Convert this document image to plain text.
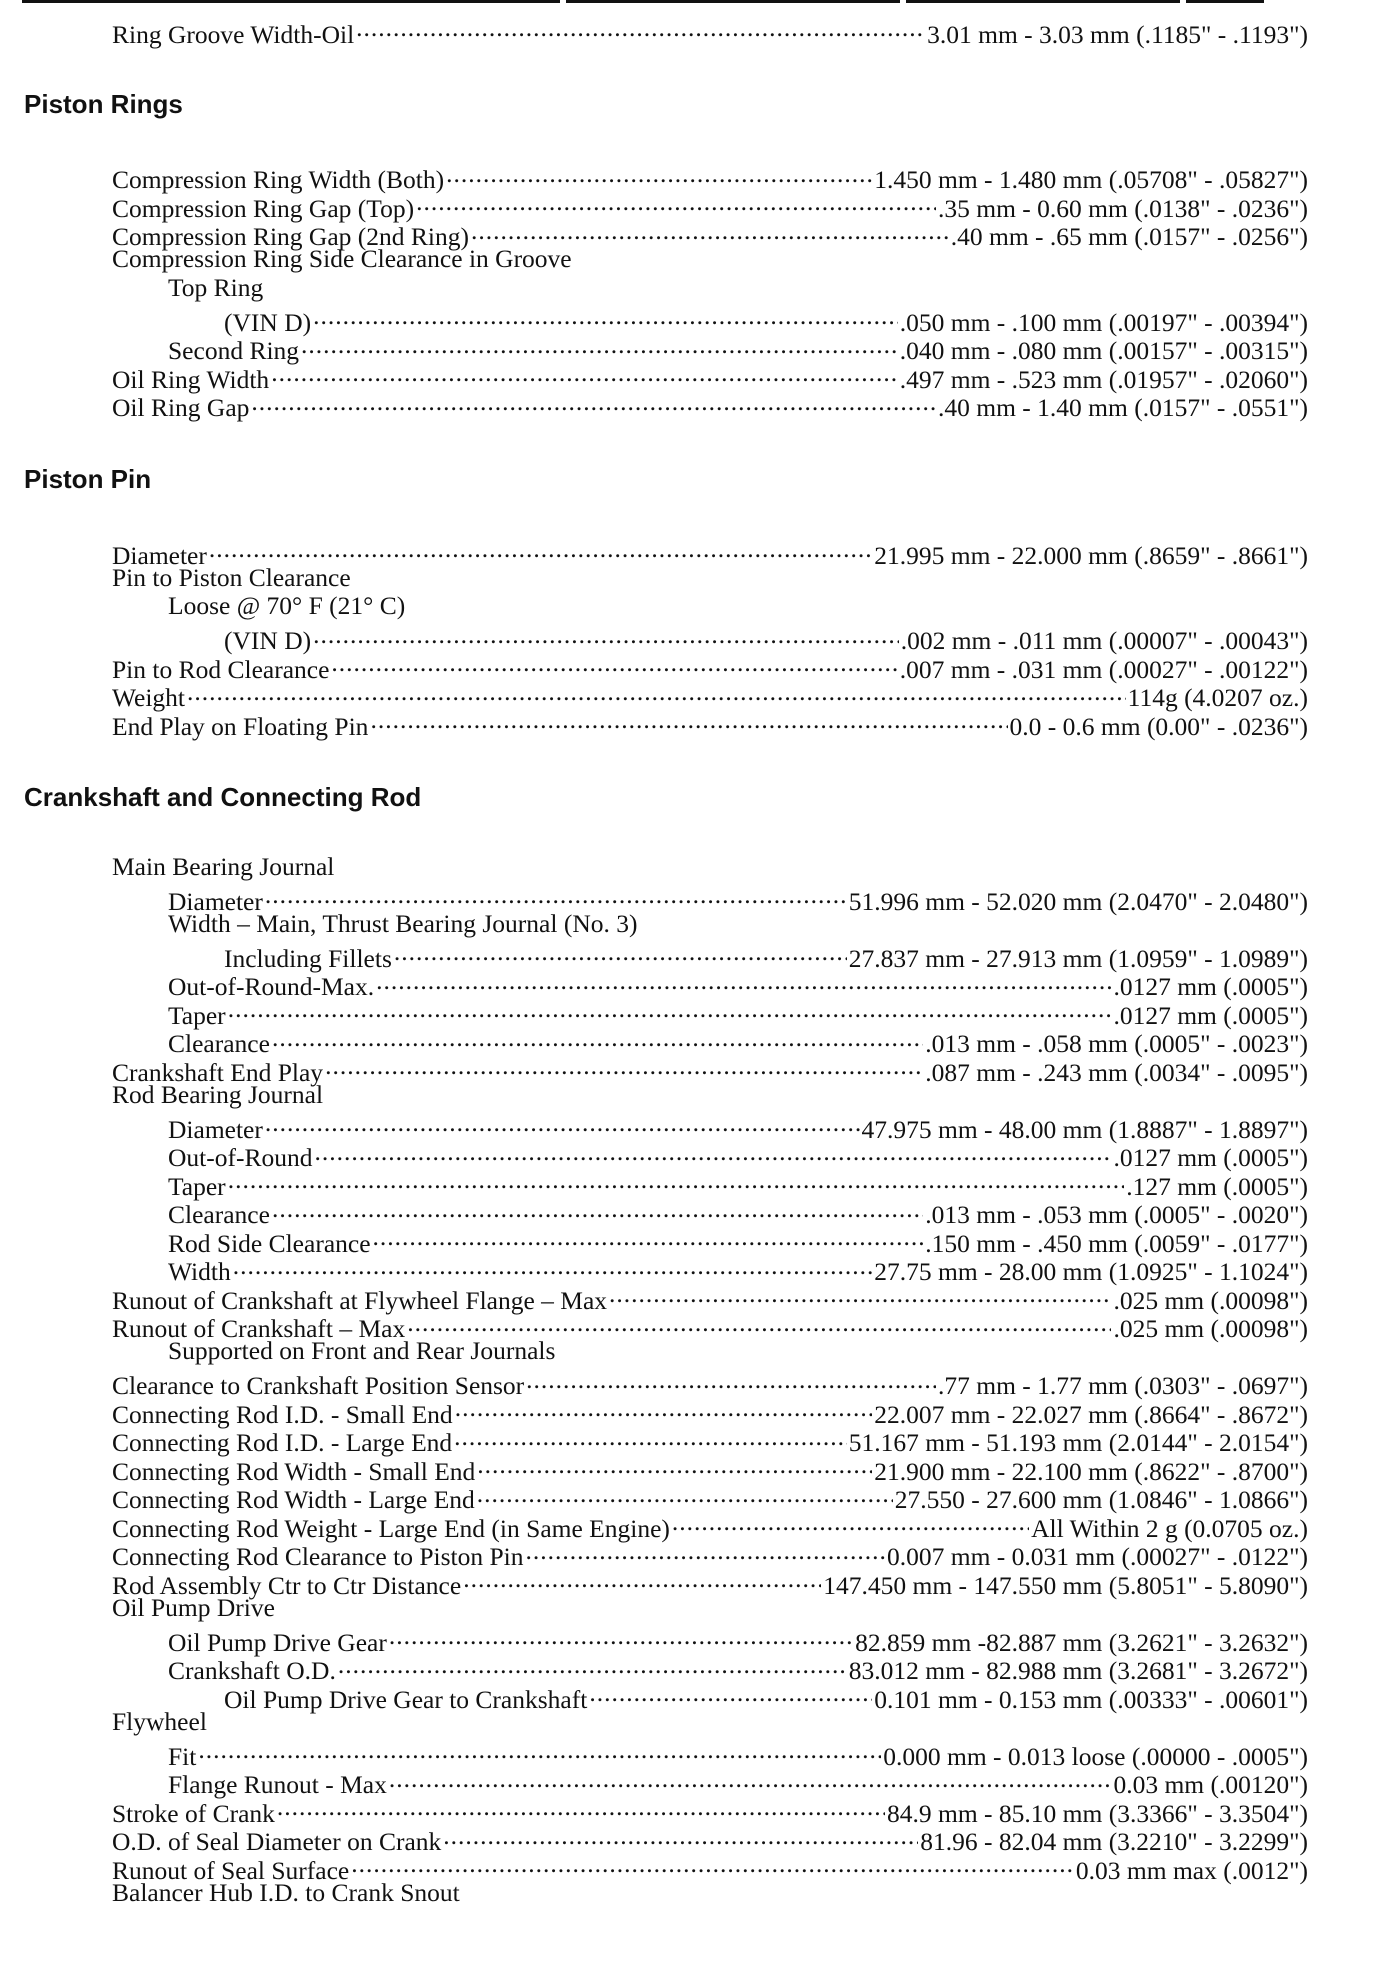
Ring Groove Width-Oil .....	3.01 mm - 3.03 mm (.1185" - .1193")
Piston Rings
Compression Ring Width (Both) .....	1.450 mm - 1.480 mm (.05708" - .05827")
Compression Ring Gap (Top) .....	.35 mm - 0.60 mm (.0138" - .0236")
Compression Ring Gap (2nd Ring) .....	.40 mm - .65 mm (.0157" - .0256")
Compression Ring Side Clearance in Groove
Top Ring
(VIN D) .....	.050 mm - .100 mm (.00197" - .00394")
Second Ring .....	.040 mm - .080 mm (.00157" - .00315")
Oil Ring Width .....	.497 mm - .523 mm (.01957" - .02060")
Oil Ring Gap .....	.40 mm - 1.40 mm (.0157" - .0551")
Piston Pin
Diameter .....	21.995 mm - 22.000 mm (.8659" - .8661")
Pin to Piston Clearance
Loose @ 70° F (21° C)
(VIN D) .....	.002 mm - .011 mm (.00007" - .00043")
Pin to Rod Clearance .....	.007 mm - .031 mm (.00027" - .00122")
Weight .....	114g (4.0207 oz.)
End Play on Floating Pin .....	0.0 - 0.6 mm (0.00" - .0236")
Crankshaft and Connecting Rod
Main Bearing Journal
Diameter .....	51.996 mm - 52.020 mm (2.0470" - 2.0480")
Width – Main, Thrust Bearing Journal (No. 3)
Including Fillets .....	27.837 mm - 27.913 mm (1.0959" - 1.0989")
Out-of-Round-Max. .....	.0127 mm (.0005")
Taper .....	.0127 mm (.0005")
Clearance .....	.013 mm - .058 mm (.0005" - .0023")
Crankshaft End Play .....	.087 mm - .243 mm (.0034" - .0095")
Rod Bearing Journal
Diameter .....	47.975 mm - 48.00 mm (1.8887" - 1.8897")
Out-of-Round .....	.0127 mm (.0005")
Taper .....	.127 mm (.0005")
Clearance .....	.013 mm - .053 mm (.0005" - .0020")
Rod Side Clearance .....	.150 mm - .450 mm (.0059" - .0177")
Width .....	27.75 mm - 28.00 mm (1.0925" - 1.1024")
Runout of Crankshaft at Flywheel Flange – Max .....	.025 mm (.00098")
Runout of Crankshaft – Max .....	.025 mm (.00098")
Supported on Front and Rear Journals
Clearance to Crankshaft Position Sensor .....	.77 mm - 1.77 mm (.0303" - .0697")
Connecting Rod I.D. - Small End .....	22.007 mm - 22.027 mm (.8664" - .8672")
Connecting Rod I.D. - Large End .....	51.167 mm - 51.193 mm (2.0144" - 2.0154")
Connecting Rod Width - Small End .....	21.900 mm - 22.100 mm (.8622" - .8700")
Connecting Rod Width - Large End .....	27.550 - 27.600 mm (1.0846" - 1.0866")
Connecting Rod Weight - Large End (in Same Engine) .....	All Within 2 g (0.0705 oz.)
Connecting Rod Clearance to Piston Pin .....	0.007 mm - 0.031 mm (.00027" - .0122")
Rod Assembly Ctr to Ctr Distance .....	147.450 mm - 147.550 mm (5.8051" - 5.8090")
Oil Pump Drive
Oil Pump Drive Gear .....	82.859 mm -82.887 mm (3.2621" - 3.2632")
Crankshaft O.D. .....	83.012 mm - 82.988 mm (3.2681" - 3.2672")
Oil Pump Drive Gear to Crankshaft .....	0.101 mm - 0.153 mm (.00333" - .00601")
Flywheel
Fit .....	0.000 mm - 0.013 loose (.00000 - .0005")
Flange Runout - Max .....	0.03 mm (.00120")
Stroke of Crank .....	84.9 mm - 85.10 mm (3.3366" - 3.3504")
O.D. of Seal Diameter on Crank .....	81.96 - 82.04 mm (3.2210" - 3.2299")
Runout of Seal Surface .....	0.03 mm max (.0012")
Balancer Hub I.D. to Crank Snout
